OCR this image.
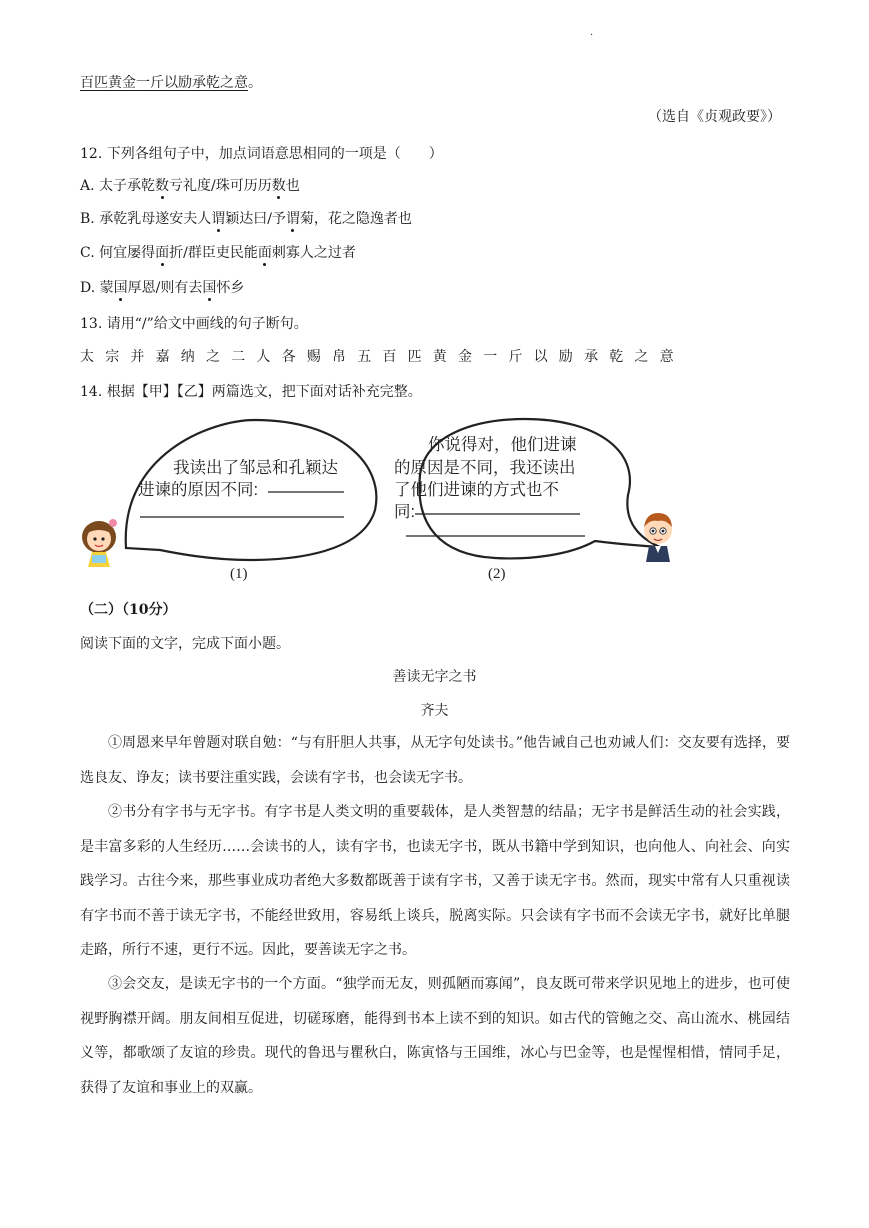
·
百匹黄金一斤以励承乾之意。
（选自《贞观政要》）
12. 下列各组句子中，加点词语意思相同的一项是（　　）
A. 太子承乾数亏礼度/珠可历历数也
B. 承乾乳母遂安夫人谓颖达曰/予谓菊，花之隐逸者也
C. 何宜屡得面折/群臣吏民能面刺寡人之过者
D. 蒙国厚恩/则有去国怀乡
13. 请用“/”给文中画线的句子断句。
太宗并嘉纳之二人各赐帛五百匹黄金一斤以励承乾之意
14. 根据【甲】【乙】两篇选文，把下面对话补充完整。
我读出了邹忌和孔颖达
进谏的原因不同:
你说得对，他们进谏
的原因是不同，我还读出
了他们进谏的方式也不
同:
(1)	(2)
（二）（10分）
阅读下面的文字，完成下面小题。
善读无字之书
齐夫

①周恩来早年曾题对联自勉：“与有肝胆人共事，从无字句处读书。”他告诫自己也劝诫人们：交友要有选择，要选良友、诤友；读书要注重实践，会读有字书，也会读无字书。

②书分有字书与无字书。有字书是人类文明的重要载体，是人类智慧的结晶；无字书是鲜活生动的社会实践，是丰富多彩的人生经历……会读书的人，读有字书，也读无字书，既从书籍中学到知识，也向他人、向社会、向实践学习。古往今来，那些事业成功者绝大多数都既善于读有字书，又善于读无字书。然而，现实中常有人只重视读有字书而不善于读无字书，不能经世致用，容易纸上谈兵，脱离实际。只会读有字书而不会读无字书，就好比单腿走路，所行不速，更行不远。因此，要善读无字之书。

③会交友，是读无字书的一个方面。“独学而无友，则孤陋而寡闻”，良友既可带来学识见地上的进步，也可使视野胸襟开阔。朋友间相互促进，切磋琢磨，能得到书本上读不到的知识。如古代的管鲍之交、高山流水、桃园结义等，都歌颂了友谊的珍贵。现代的鲁迅与瞿秋白，陈寅恪与王国维，冰心与巴金等，也是惺惺相惜，情同手足，获得了友谊和事业上的双赢。
